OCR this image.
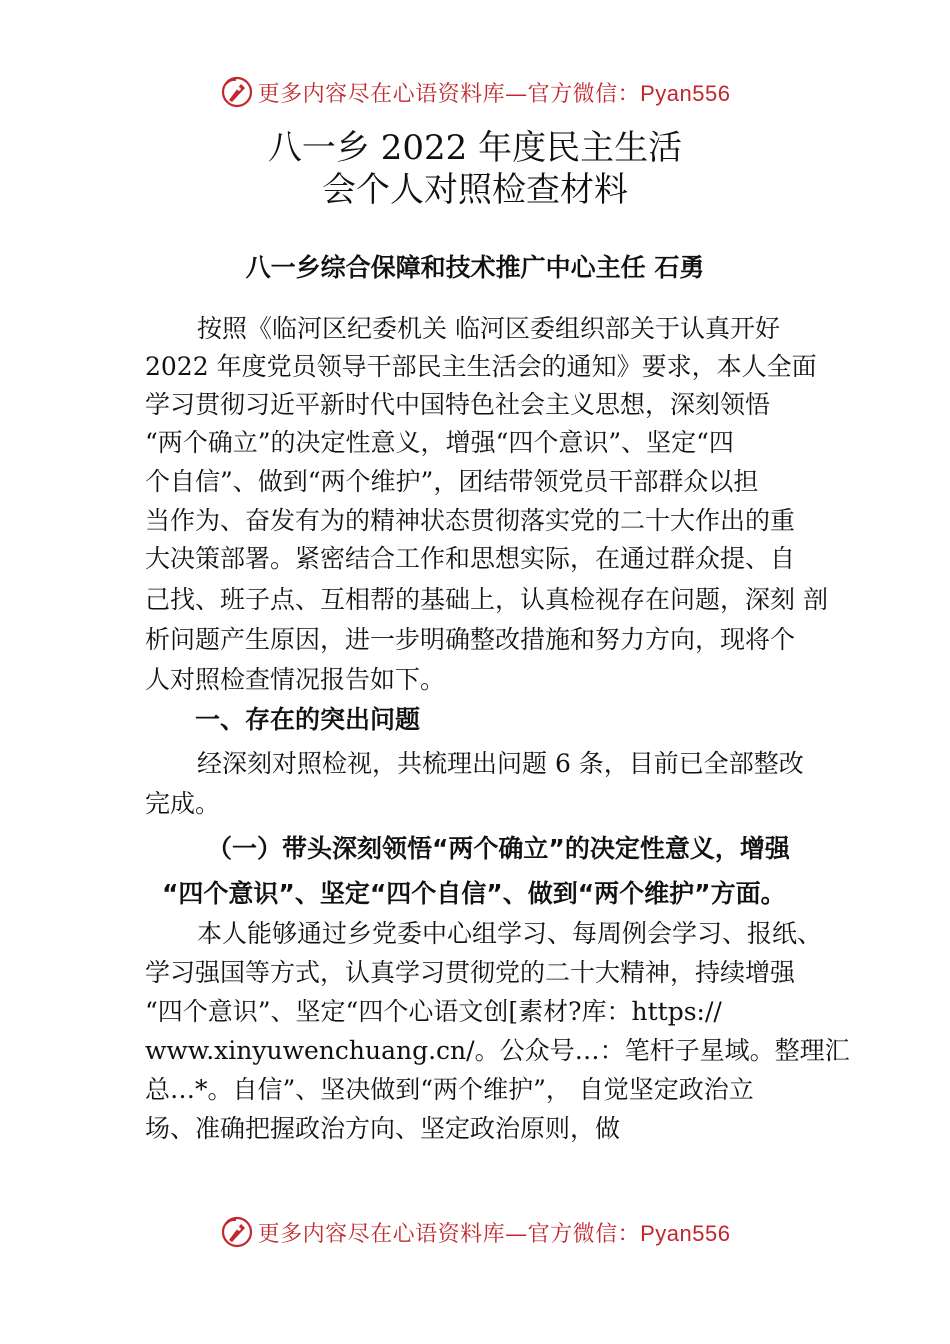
更多内容尽在心语资料库—官方微信：Pyan556
八一乡 2022 年度民主生活
会个人对照检查材料
八一乡综合保障和技术推广中心主任 石勇
按照《临河区纪委机关 临河区委组织部关于认真开好
2022 年度党员领导干部民主生活会的通知》要求，本人全面
学习贯彻习近平新时代中国特色社会主义思想，深刻领悟
“两个确立”的决定性意义，增强“四个意识”、坚定“四
个自信”、做到“两个维护”，团结带领党员干部群众以担
当作为、奋发有为的精神状态贯彻落实党的二十大作出的重
大决策部署。紧密结合工作和思想实际，在通过群众提、自
己找、班子点、互相帮的基础上，认真检视存在问题，深刻 剖
析问题产生原因，进一步明确整改措施和努力方向，现将个
人对照检查情况报告如下。
一、存在的突出问题
经深刻对照检视，共梳理出问题 6 条，目前已全部整改
完成。
（一）带头深刻领悟“两个确立”的决定性意义，增强
“四个意识”、坚定“四个自信”、做到“两个维护”方面。
本人能够通过乡党委中心组学习、每周例会学习、报纸、
学习强国等方式，认真学习贯彻党的二十大精神，持续增强
“四个意识”、坚定“四个心语文创[素材?库：https://
www.xinyuwenchuang.cn/。公众号…：笔杆子星域。整理汇
总…*。自信”、坚决做到“两个维护”， 自觉坚定政治立
场、准确把握政治方向、坚定政治原则，做
更多内容尽在心语资料库—官方微信：Pyan556
